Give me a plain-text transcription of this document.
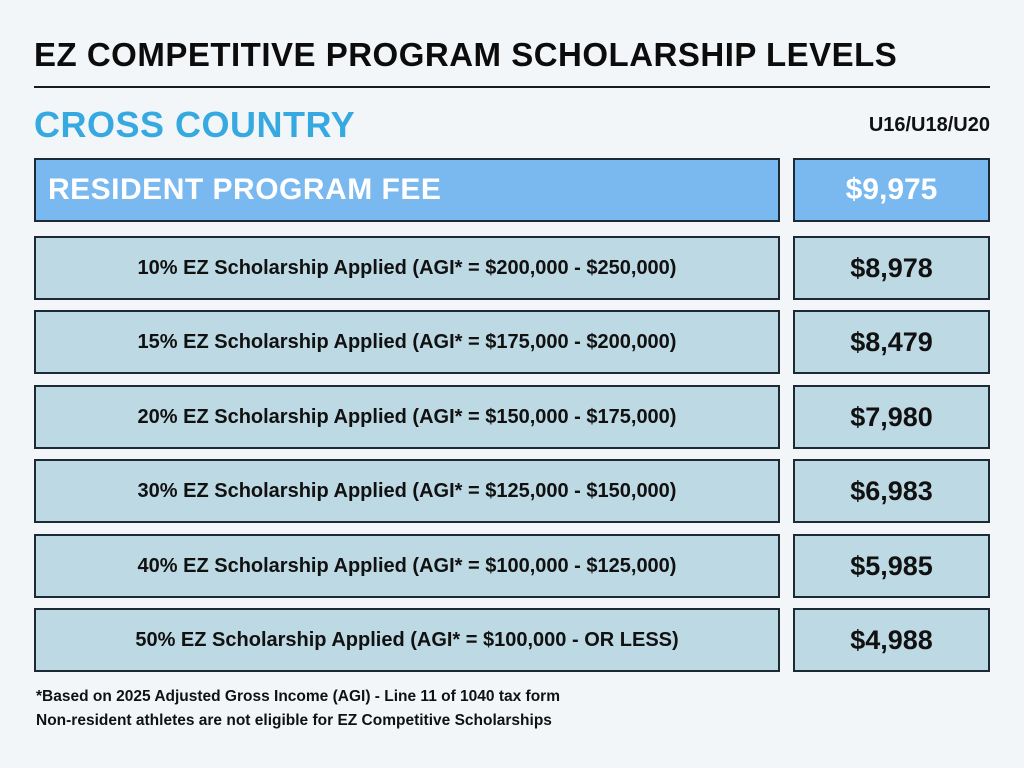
EZ COMPETITIVE PROGRAM SCHOLARSHIP LEVELS
CROSS COUNTRY	U16/U18/U20
RESIDENT PROGRAM FEE	$9,975
10% EZ Scholarship Applied (AGI* = $200,000 - $250,000)	$8,978
15% EZ Scholarship Applied (AGI* = $175,000 - $200,000)	$8,479
20% EZ Scholarship Applied (AGI* = $150,000 - $175,000)	$7,980
30% EZ Scholarship Applied (AGI* = $125,000 - $150,000)	$6,983
40% EZ Scholarship Applied (AGI* = $100,000 - $125,000)	$5,985
50% EZ Scholarship Applied (AGI* = $100,000 - OR LESS)	$4,988
*Based on 2025 Adjusted Gross Income (AGI) - Line 11 of 1040 tax form
Non-resident athletes are not eligible for EZ Competitive Scholarships
